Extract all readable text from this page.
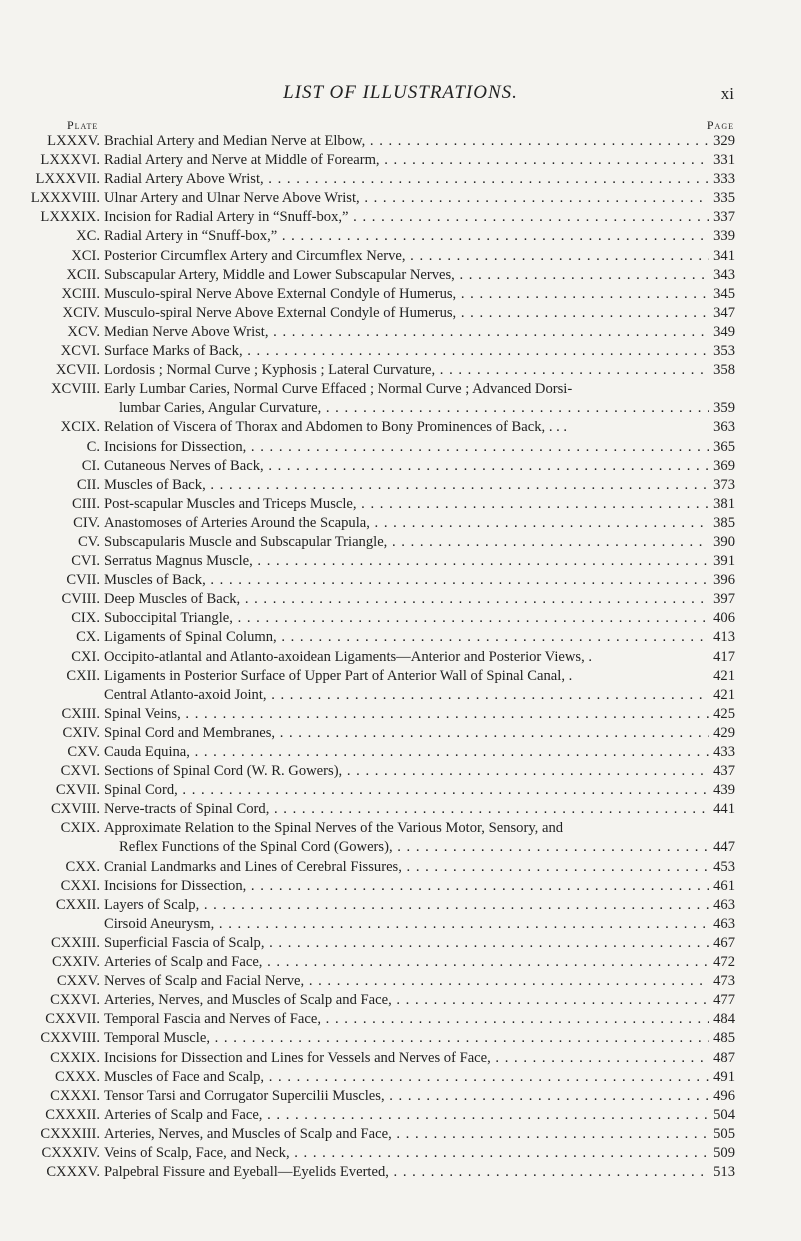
LIST OF ILLUSTRATIONS.	xi
Plate	Page
LXXXV. Brachial Artery and Median Nerve at Elbow, . . .	329
LXXXVI. Radial Artery and Nerve at Middle of Forearm, . . .	331
LXXXVII. Radial Artery Above Wrist, . . .	333
LXXXVIII. Ulnar Artery and Ulnar Nerve Above Wrist, . . .	335
LXXXIX. Incision for Radial Artery in “Snuff-box,” . . .	337
XC. Radial Artery in “Snuff-box,” . . .	339
XCI. Posterior Circumflex Artery and Circumflex Nerve, . . .	341
XCII. Subscapular Artery, Middle and Lower Subscapular Nerves, . . .	343
XCIII. Musculo-spiral Nerve Above External Condyle of Humerus, . . .	345
XCIV. Musculo-spiral Nerve Above External Condyle of Humerus, . . .	347
XCV. Median Nerve Above Wrist, . . .	349
XCVI. Surface Marks of Back, . . .	353
XCVII. Lordosis ; Normal Curve ; Kyphosis ; Lateral Curvature, . . .	358
XCVIII. Early Lumbar Caries, Normal Curve Effaced ; Normal Curve ; Advanced Dorsi-
lumbar Caries, Angular Curvature, . . .	359
XCIX. Relation of Viscera of Thorax and Abdomen to Bony Prominences of Back, . . .	363
C. Incisions for Dissection, . . .	365
CI. Cutaneous Nerves of Back, . . .	369
CII. Muscles of Back, . . .	373
CIII. Post-scapular Muscles and Triceps Muscle, . . .	381
CIV. Anastomoses of Arteries Around the Scapula, . . .	385
CV. Subscapularis Muscle and Subscapular Triangle, . . .	390
CVI. Serratus Magnus Muscle, . . .	391
CVII. Muscles of Back, . . .	396
CVIII. Deep Muscles of Back, . . .	397
CIX. Suboccipital Triangle, . . .	406
CX. Ligaments of Spinal Column, . . .	413
CXI. Occipito-atlantal and Atlanto-axoidean Ligaments—Anterior and Posterior Views, .	417
CXII. Ligaments in Posterior Surface of Upper Part of Anterior Wall of Spinal Canal, .	421
Central Atlanto-axoid Joint, . . .	421
CXIII. Spinal Veins, . . .	425
CXIV. Spinal Cord and Membranes, . . .	429
CXV. Cauda Equina, . . .	433
CXVI. Sections of Spinal Cord (W. R. Gowers), . . .	437
CXVII. Spinal Cord, . . .	439
CXVIII. Nerve-tracts of Spinal Cord, . . .	441
CXIX. Approximate Relation to the Spinal Nerves of the Various Motor, Sensory, and
Reflex Functions of the Spinal Cord (Gowers), . . .	447
CXX. Cranial Landmarks and Lines of Cerebral Fissures, . . .	453
CXXI. Incisions for Dissection, . . .	461
CXXII. Layers of Scalp, . . .	463
Cirsoid Aneurysm, . . .	463
CXXIII. Superficial Fascia of Scalp, . . .	467
CXXIV. Arteries of Scalp and Face, . . .	472
CXXV. Nerves of Scalp and Facial Nerve, . . .	473
CXXVI. Arteries, Nerves, and Muscles of Scalp and Face, . . .	477
CXXVII. Temporal Fascia and Nerves of Face, . . .	484
CXXVIII. Temporal Muscle, . . .	485
CXXIX. Incisions for Dissection and Lines for Vessels and Nerves of Face, . . .	487
CXXX. Muscles of Face and Scalp, . . .	491
CXXXI. Tensor Tarsi and Corrugator Supercilii Muscles, . . .	496
CXXXII. Arteries of Scalp and Face, . . .	504
CXXXIII. Arteries, Nerves, and Muscles of Scalp and Face, . . .	505
CXXXIV. Veins of Scalp, Face, and Neck, . . .	509
CXXXV. Palpebral Fissure and Eyeball—Eyelids Everted, . . .	513
